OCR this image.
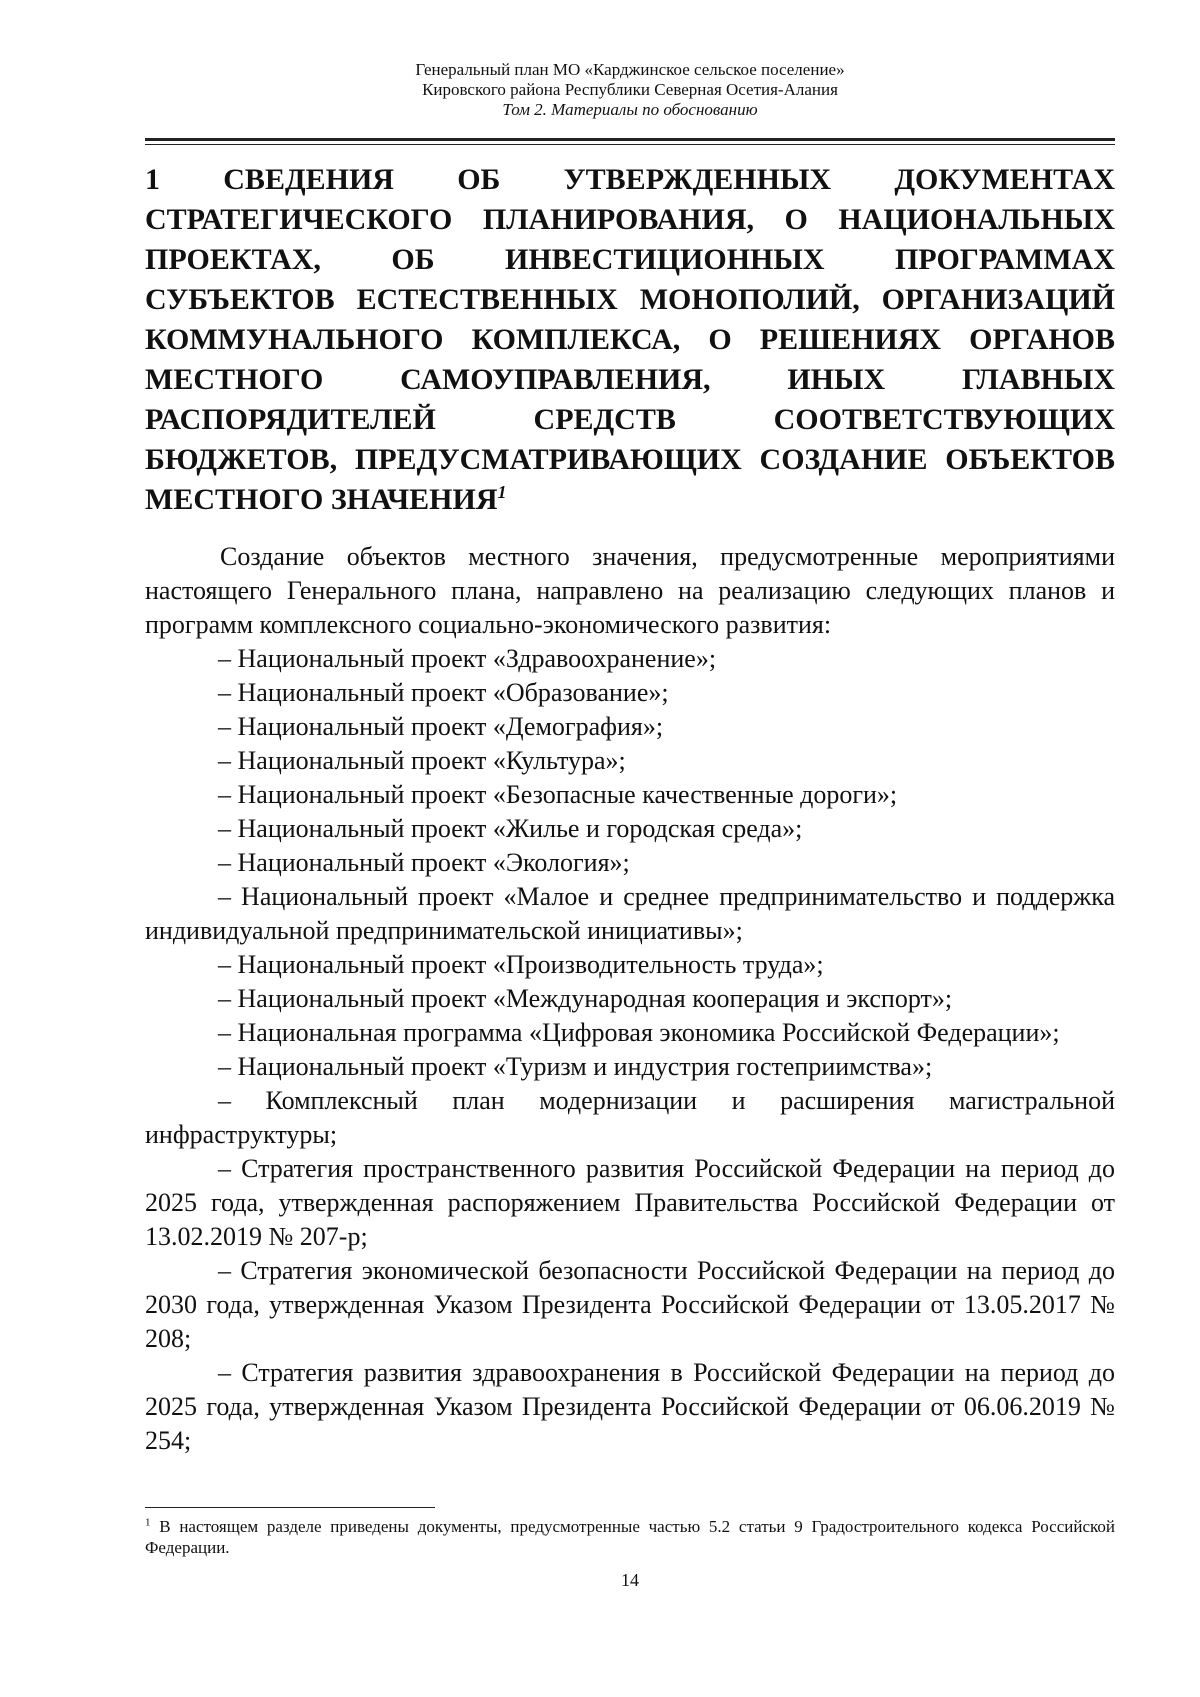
Генеральный план МО «Карджинское сельское поселение»
Кировского района Республики Северная Осетия-Алания
Том 2. Материалы по обоснованию
1 СВЕДЕНИЯ ОБ УТВЕРЖДЕННЫХ ДОКУМЕНТАХ СТРАТЕГИЧЕСКОГО ПЛАНИРОВАНИЯ, О НАЦИОНАЛЬНЫХ ПРОЕКТАХ, ОБ ИНВЕСТИЦИОННЫХ ПРОГРАММАХ СУБЪЕКТОВ ЕСТЕСТВЕННЫХ МОНОПОЛИЙ, ОРГАНИЗАЦИЙ КОММУНАЛЬНОГО КОМПЛЕКСА, О РЕШЕНИЯХ ОРГАНОВ МЕСТНОГО САМОУПРАВЛЕНИЯ, ИНЫХ ГЛАВНЫХ РАСПОРЯДИТЕЛЕЙ СРЕДСТВ СООТВЕТСТВУЮЩИХ БЮДЖЕТОВ, ПРЕДУСМАТРИВАЮЩИХ СОЗДАНИЕ ОБЪЕКТОВ МЕСТНОГО ЗНАЧЕНИЯ$^1$

Создание объектов местного значения, предусмотренные мероприятиями настоящего Генерального плана, направлено на реализацию следующих планов и программ комплексного социально-экономического развития:

– Национальный проект «Здравоохранение»;

– Национальный проект «Образование»;

– Национальный проект «Демография»;

– Национальный проект «Культура»;

– Национальный проект «Безопасные качественные дороги»;

– Национальный проект «Жилье и городская среда»;

– Национальный проект «Экология»;

– Национальный проект «Малое и среднее предпринимательство и поддержка индивидуальной предпринимательской инициативы»;

– Национальный проект «Производительность труда»;

– Национальный проект «Международная кооперация и экспорт»;

– Национальная программа «Цифровая экономика Российской Федерации»;

– Национальный проект «Туризм и индустрия гостеприимства»;

– Комплексный план модернизации и расширения магистральной инфраструктуры;

– Стратегия пространственного развития Российской Федерации на период до 2025 года, утвержденная распоряжением Правительства Российской Федерации от 13.02.2019 № 207-р;

– Стратегия экономической безопасности Российской Федерации на период до 2030 года, утвержденная Указом Президента Российской Федерации от 13.05.2017 № 208;

– Стратегия развития здравоохранения в Российской Федерации на период до 2025 года, утвержденная Указом Президента Российской Федерации от 06.06.2019 № 254;

$^1$ В настоящем разделе приведены документы, предусмотренные частью 5.2 статьи 9 Градостроительного кодекса Российской Федерации.
14
